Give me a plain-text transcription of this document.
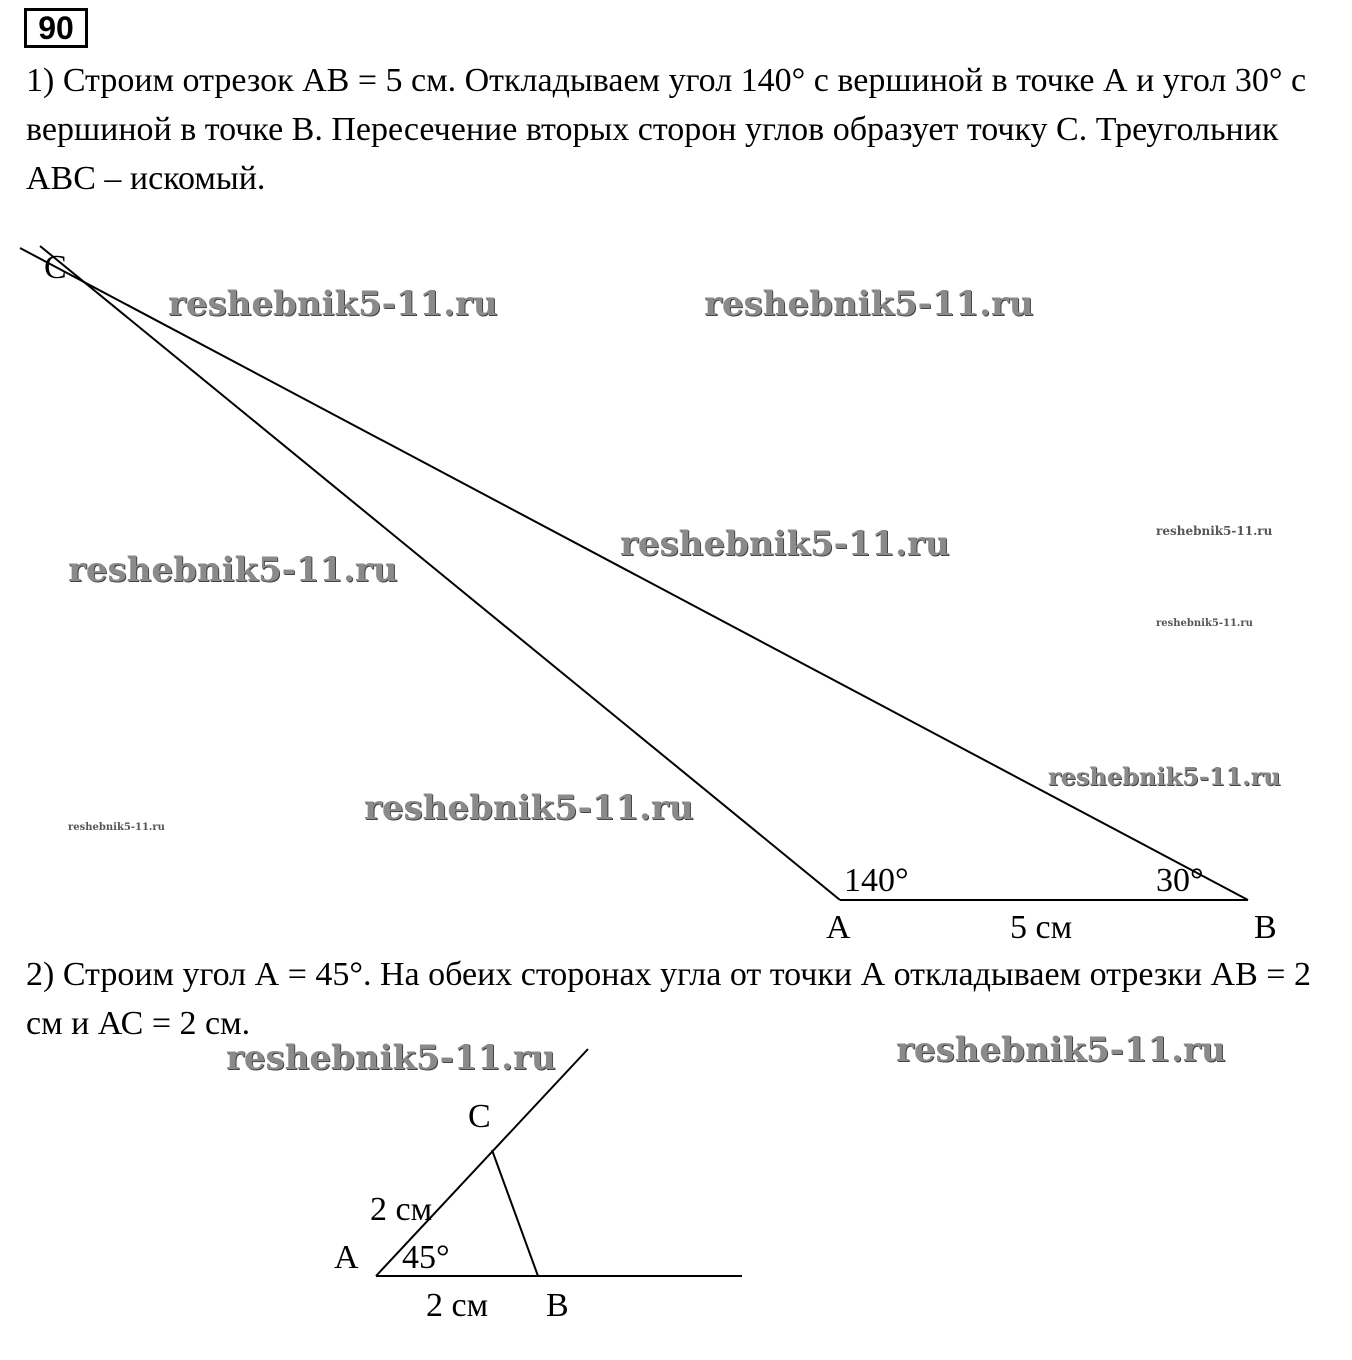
90

1) Строим отрезок АВ = 5 см. Откладываем угол 140° с вершиной в точке А и угол 30° с вершиной в точке В. Пересечение вторых сторон углов образует точку С. Треугольник АВС – искомый.

C
A	B
140°	30°
5 см
C
A
B
45°
2 см
2 см

2) Строим угол А = 45°. На обеих сторонах угла от точки А откладываем отрезки АВ = 2 см и АС = 2 см.

reshebnik5-11.ru	reshebnik5-11.ru
reshebnik5-11.ru
reshebnik5-11.ru
reshebnik5-11.ru
reshebnik5-11.ru
reshebnik5-11.ru	reshebnik5-11.ru
reshebnik5-11.ru
reshebnik5-11.ru
reshebnik5-11.ru
